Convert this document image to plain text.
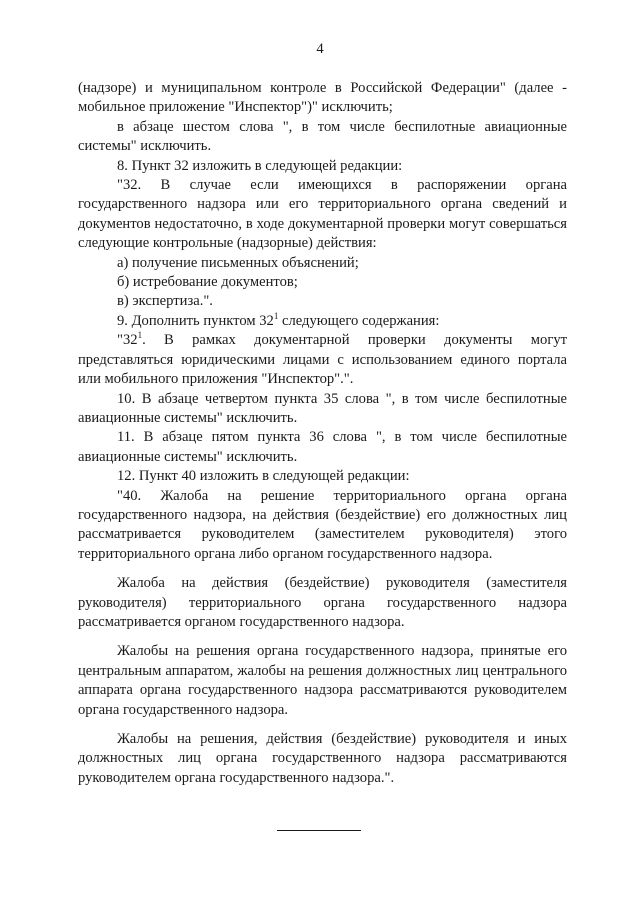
4

(надзоре) и муниципальном контроле в Российской Федерации" (далее - мобильное приложение "Инспектор")" исключить;

в абзаце шестом слова ", в том числе беспилотные авиационные системы" исключить.

8. Пункт 32 изложить в следующей редакции:

"32. В случае если имеющихся в распоряжении органа государственного надзора или его территориального органа сведений и документов недостаточно, в ходе документарной проверки могут совершаться следующие контрольные (надзорные) действия:

а) получение письменных объяснений;

б) истребование документов;

в) экспертиза.".

9. Дополнить пунктом $32^1$ следующего содержания:

"$32^1$. В рамках документарной проверки документы могут представляться юридическими лицами с использованием единого портала или мобильного приложения "Инспектор".".

10. В абзаце четвертом пункта 35 слова ", в том числе беспилотные авиационные системы" исключить.

11. В абзаце пятом пункта 36 слова ", в том числе беспилотные авиационные системы" исключить.

12. Пункт 40 изложить в следующей редакции:

"40. Жалоба на решение территориального органа органа государственного надзора, на действия (бездействие) его должностных лиц рассматривается руководителем (заместителем руководителя) этого территориального органа либо органом государственного надзора.

Жалоба на действия (бездействие) руководителя (заместителя руководителя) территориального органа государственного надзора рассматривается органом государственного надзора.

Жалобы на решения органа государственного надзора, принятые его центральным аппаратом, жалобы на решения должностных лиц центрального аппарата органа государственного надзора рассматриваются руководителем органа государственного надзора.

Жалобы на решения, действия (бездействие) руководителя и иных должностных лиц органа государственного надзора рассматриваются руководителем органа государственного надзора.".
